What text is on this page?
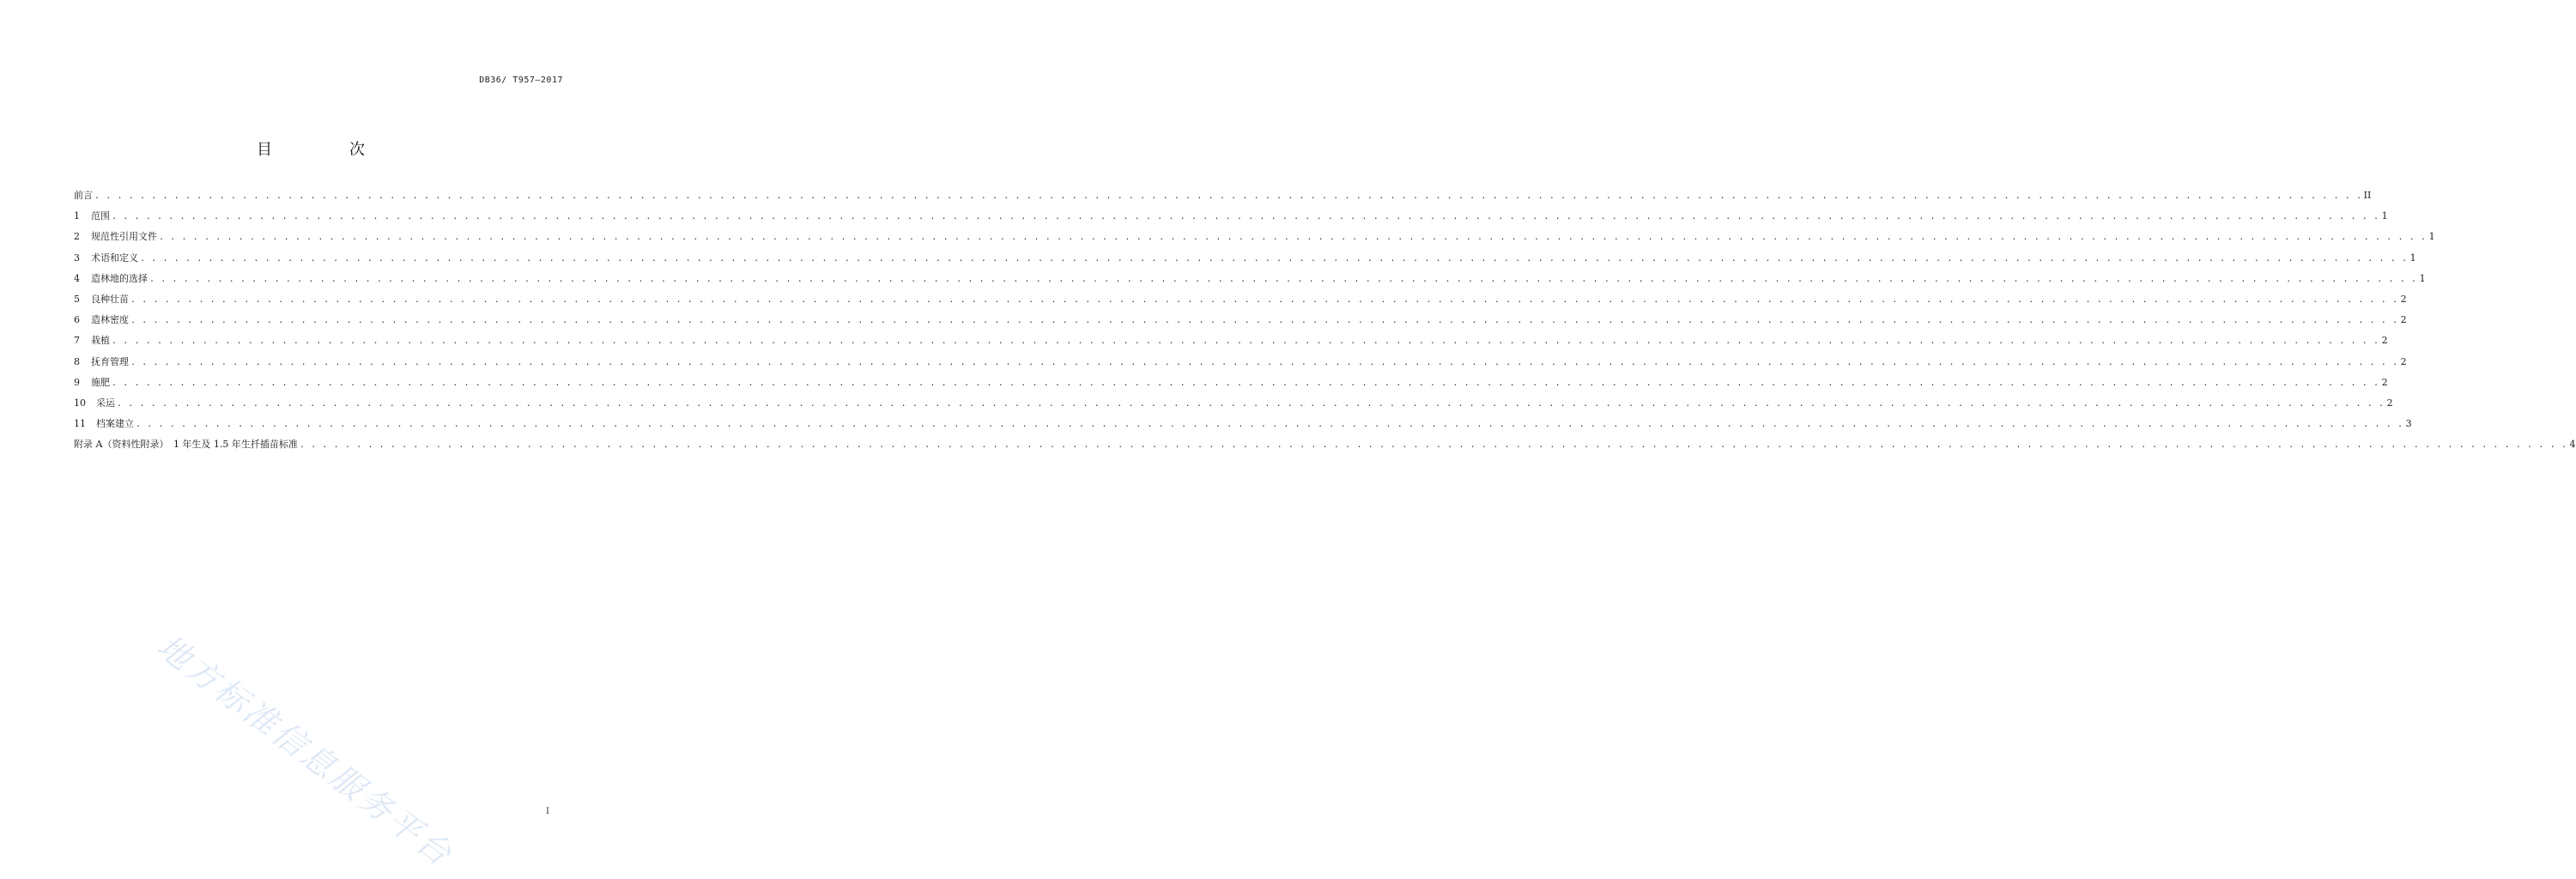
DB36/ T957—2017
目　次
前言 . . . . . . . . . . . . . . . . . . . . . . . . . . . . . . . . . . . . . . . . . . . . . . . . . . . . . . . . . . . . . . . . . . . . . . . . . . . . . . . . . . . . . . . . . . . . . . . . . . . . . . . . . . . . . . . . . . . . . . . . . . . . . . . . . . . . . . . . . . . . . . . . . . . . . . . . . . . . . . . . . . . . . . . . . . . . . . . . . . . . . . . . . . . . . . . . . . . . . . . . II
1 范围 . . . . . . . . . . . . . . . . . . . . . . . . . . . . . . . . . . . . . . . . . . . . . . . . . . . . . . . . . . . . . . . . . . . . . . . . . . . . . . . . . . . . . . . . . . . . . . . . . . . . . . . . . . . . . . . . . . . . . . . . . . . . . . . . . . . . . . . . . . . . . . . . . . . . . . . . . . . . . . . . . . . . . . . . . . . . . . . . . . . . . . . . . . . . . . . . . . . . . . . . 1
2 规范性引用文件 . . . . . . . . . . . . . . . . . . . . . . . . . . . . . . . . . . . . . . . . . . . . . . . . . . . . . . . . . . . . . . . . . . . . . . . . . . . . . . . . . . . . . . . . . . . . . . . . . . . . . . . . . . . . . . . . . . . . . . . . . . . . . . . . . . . . . . . . . . . . . . . . . . . . . . . . . . . . . . . . . . . . . . . . . . . . . . . . . . . . . . . . . . . . . . . . . . . . . . . . 1
3 术语和定义 . . . . . . . . . . . . . . . . . . . . . . . . . . . . . . . . . . . . . . . . . . . . . . . . . . . . . . . . . . . . . . . . . . . . . . . . . . . . . . . . . . . . . . . . . . . . . . . . . . . . . . . . . . . . . . . . . . . . . . . . . . . . . . . . . . . . . . . . . . . . . . . . . . . . . . . . . . . . . . . . . . . . . . . . . . . . . . . . . . . . . . . . . . . . . . . . . . . . . . . . 1
4 造林地的选择 . . . . . . . . . . . . . . . . . . . . . . . . . . . . . . . . . . . . . . . . . . . . . . . . . . . . . . . . . . . . . . . . . . . . . . . . . . . . . . . . . . . . . . . . . . . . . . . . . . . . . . . . . . . . . . . . . . . . . . . . . . . . . . . . . . . . . . . . . . . . . . . . . . . . . . . . . . . . . . . . . . . . . . . . . . . . . . . . . . . . . . . . . . . . . . . . . . . . . . . . 1
5 良种壮苗 . . . . . . . . . . . . . . . . . . . . . . . . . . . . . . . . . . . . . . . . . . . . . . . . . . . . . . . . . . . . . . . . . . . . . . . . . . . . . . . . . . . . . . . . . . . . . . . . . . . . . . . . . . . . . . . . . . . . . . . . . . . . . . . . . . . . . . . . . . . . . . . . . . . . . . . . . . . . . . . . . . . . . . . . . . . . . . . . . . . . . . . . . . . . . . . . . . . . . . . . 2
6 造林密度 . . . . . . . . . . . . . . . . . . . . . . . . . . . . . . . . . . . . . . . . . . . . . . . . . . . . . . . . . . . . . . . . . . . . . . . . . . . . . . . . . . . . . . . . . . . . . . . . . . . . . . . . . . . . . . . . . . . . . . . . . . . . . . . . . . . . . . . . . . . . . . . . . . . . . . . . . . . . . . . . . . . . . . . . . . . . . . . . . . . . . . . . . . . . . . . . . . . . . . . . 2
7 栽植 . . . . . . . . . . . . . . . . . . . . . . . . . . . . . . . . . . . . . . . . . . . . . . . . . . . . . . . . . . . . . . . . . . . . . . . . . . . . . . . . . . . . . . . . . . . . . . . . . . . . . . . . . . . . . . . . . . . . . . . . . . . . . . . . . . . . . . . . . . . . . . . . . . . . . . . . . . . . . . . . . . . . . . . . . . . . . . . . . . . . . . . . . . . . . . . . . . . . . . . . 2
8 抚育管理 . . . . . . . . . . . . . . . . . . . . . . . . . . . . . . . . . . . . . . . . . . . . . . . . . . . . . . . . . . . . . . . . . . . . . . . . . . . . . . . . . . . . . . . . . . . . . . . . . . . . . . . . . . . . . . . . . . . . . . . . . . . . . . . . . . . . . . . . . . . . . . . . . . . . . . . . . . . . . . . . . . . . . . . . . . . . . . . . . . . . . . . . . . . . . . . . . . . . . . . . 2
9 施肥 . . . . . . . . . . . . . . . . . . . . . . . . . . . . . . . . . . . . . . . . . . . . . . . . . . . . . . . . . . . . . . . . . . . . . . . . . . . . . . . . . . . . . . . . . . . . . . . . . . . . . . . . . . . . . . . . . . . . . . . . . . . . . . . . . . . . . . . . . . . . . . . . . . . . . . . . . . . . . . . . . . . . . . . . . . . . . . . . . . . . . . . . . . . . . . . . . . . . . . . . 2
10 采运 . . . . . . . . . . . . . . . . . . . . . . . . . . . . . . . . . . . . . . . . . . . . . . . . . . . . . . . . . . . . . . . . . . . . . . . . . . . . . . . . . . . . . . . . . . . . . . . . . . . . . . . . . . . . . . . . . . . . . . . . . . . . . . . . . . . . . . . . . . . . . . . . . . . . . . . . . . . . . . . . . . . . . . . . . . . . . . . . . . . . . . . . . . . . . . . . . . . . . . . . 2
11 档案建立 . . . . . . . . . . . . . . . . . . . . . . . . . . . . . . . . . . . . . . . . . . . . . . . . . . . . . . . . . . . . . . . . . . . . . . . . . . . . . . . . . . . . . . . . . . . . . . . . . . . . . . . . . . . . . . . . . . . . . . . . . . . . . . . . . . . . . . . . . . . . . . . . . . . . . . . . . . . . . . . . . . . . . . . . . . . . . . . . . . . . . . . . . . . . . . . . . . . . . . . . 3
附录 A（资料性附录）　1 年生及 1.5 年生扦插苗标准 . . . . . . . . . . . . . . . . . . . . . . . . . . . . . . . . . . . . . . . . . . . . . . . . . . . . . . . . . . . . . . . . . . . . . . . . . . . . . . . . . . . . . . . . . . . . . . . . . . . . . . . . . . . . . . . . . . . . . . . . . . . . . . . . . . . . . . . . . . . . . . . . . . . . . . . . . . . . . . . . . . . . . . . . . . . . . . . . . . . . . . . . . . . . . . . . . . . . . . . . 4
地方标准信息服务平台	I
